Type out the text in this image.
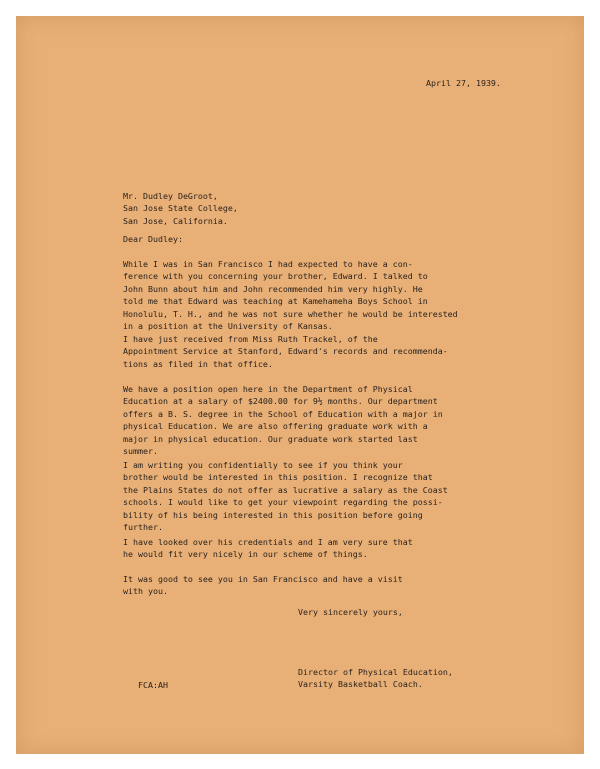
April 27, 1939.

Mr. Dudley DeGroot,
San Jose State College,
San Jose, California.

Dear Dudley:

While I was in San Francisco I had expected to have a con-
ference with you concerning your brother, Edward. I talked to
John Bunn about him and John recommended him very highly. He
told me that Edward was teaching at Kamehameha Boys School in
Honolulu, T. H., and he was not sure whether he would be interested
in a position at the University of Kansas.
I have just received from Miss Ruth Trackel, of the
Appointment Service at Stanford, Edward's records and recommenda-
tions as filed in that office.
We have a position open here in the Department of Physical
Education at a salary of $2400.00 for 9½ months. Our department
offers a B. S. degree in the School of Education with a major in
physical Education. We are also offering graduate work with a
major in physical education. Our graduate work started last
summer.
I am writing you confidentially to see if you think your
brother would be interested in this position. I recognize that
the Plains States do not offer as lucrative a salary as the Coast
schools. I would like to get your viewpoint regarding the possi-
bility of his being interested in this position before going
further.
I have looked over his credentials and I am very sure that
he would fit very nicely in our scheme of things.
It was good to see you in San Francisco and have a visit
with you.

Very sincerely yours,

Director of Physical Education,
Varsity Basketball Coach.

FCA:AH
